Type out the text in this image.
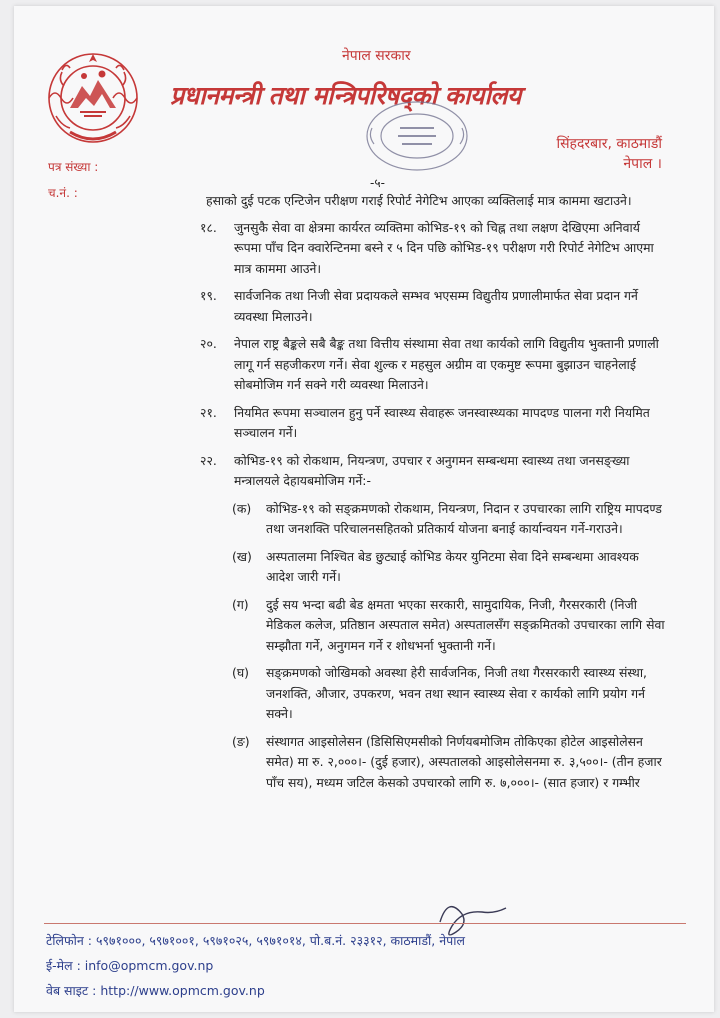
नेपाल सरकार
प्रधानमन्त्री तथा मन्त्रिपरिषद्को कार्यालय
सिंहदरबार, काठमाडौं
नेपाल ।
पत्र संख्या :
च.नं. :
-५-

हसाको दुई पटक एन्टिजेन परीक्षण गराई रिपोर्ट नेगेटिभ आएका व्यक्तिलाई मात्र काममा खटाउने।

१८. जुनसुकै सेवा वा क्षेत्रमा कार्यरत व्यक्तिमा कोभिड-१९ को चिह्न तथा लक्षण देखिएमा अनिवार्य रूपमा पाँच दिन क्वारेन्टिनमा बस्ने र ५ दिन पछि कोभिड-१९ परीक्षण गरी रिपोर्ट नेगेटिभ आएमा मात्र काममा आउने।

१९. सार्वजनिक तथा निजी सेवा प्रदायकले सम्भव भएसम्म विद्युतीय प्रणालीमार्फत सेवा प्रदान गर्ने व्यवस्था मिलाउने।

२०. नेपाल राष्ट्र बैङ्कले सबै बैङ्क तथा वित्तीय संस्थामा सेवा तथा कार्यको लागि विद्युतीय भुक्तानी प्रणाली लागू गर्न सहजीकरण गर्ने। सेवा शुल्क र महसुल अग्रीम वा एकमुष्ट रूपमा बुझाउन चाहनेलाई सोबमोजिम गर्न सक्ने गरी व्यवस्था मिलाउने।

२१. नियमित रूपमा सञ्चालन हुनु पर्ने स्वास्थ्य सेवाहरू जनस्वास्थ्यका मापदण्ड पालना गरी नियमित सञ्चालन गर्ने।

२२. कोभिड-१९ को रोकथाम, नियन्त्रण, उपचार र अनुगमन सम्बन्धमा स्वास्थ्य तथा जनसङ्ख्या मन्त्रालयले देहायबमोजिम गर्ने:-

(क) कोभिड-१९ को सङ्क्रमणको रोकथाम, नियन्त्रण, निदान र उपचारका लागि राष्ट्रिय मापदण्ड तथा जनशक्ति परिचालनसहितको प्रतिकार्य योजना बनाई कार्यान्वयन गर्ने-गराउने।

(ख) अस्पतालमा निश्चित बेड छुट्याई कोभिड केयर युनिटमा सेवा दिने सम्बन्धमा आवश्यक आदेश जारी गर्ने।

(ग) दुई सय भन्दा बढी बेड क्षमता भएका सरकारी, सामुदायिक, निजी, गैरसरकारी (निजी मेडिकल कलेज, प्रतिष्ठान अस्पताल समेत) अस्पतालसँग सङ्क्रमितको उपचारका लागि सेवा सम्झौता गर्ने, अनुगमन गर्ने र शोधभर्ना भुक्तानी गर्ने।

(घ) सङ्क्रमणको जोखिमको अवस्था हेरी सार्वजनिक, निजी तथा गैरसरकारी स्वास्थ्य संस्था, जनशक्ति, औजार, उपकरण, भवन तथा स्थान स्वास्थ्य सेवा र कार्यको लागि प्रयोग गर्न सक्ने।

(ङ) संस्थागत आइसोलेसन (डिसिसिएमसीको निर्णयबमोजिम तोकिएका होटेल आइसोलेसन समेत) मा रु. २,०००।- (दुई हजार), अस्पतालको आइसोलेसनमा रु. ३,५००।- (तीन हजार पाँच सय), मध्यम जटिल केसको उपचारको लागि रु. ७,०००।- (सात हजार) र गम्भीर

टेलिफोन : ५९७१०००, ५९७१००१, ५९७१०२५, ५९७१०१४, पो.ब.नं. २३३१२, काठमाडौं, नेपाल
ई-मेल : info@opmcm.gov.np
वेब साइट : http://www.opmcm.gov.np
